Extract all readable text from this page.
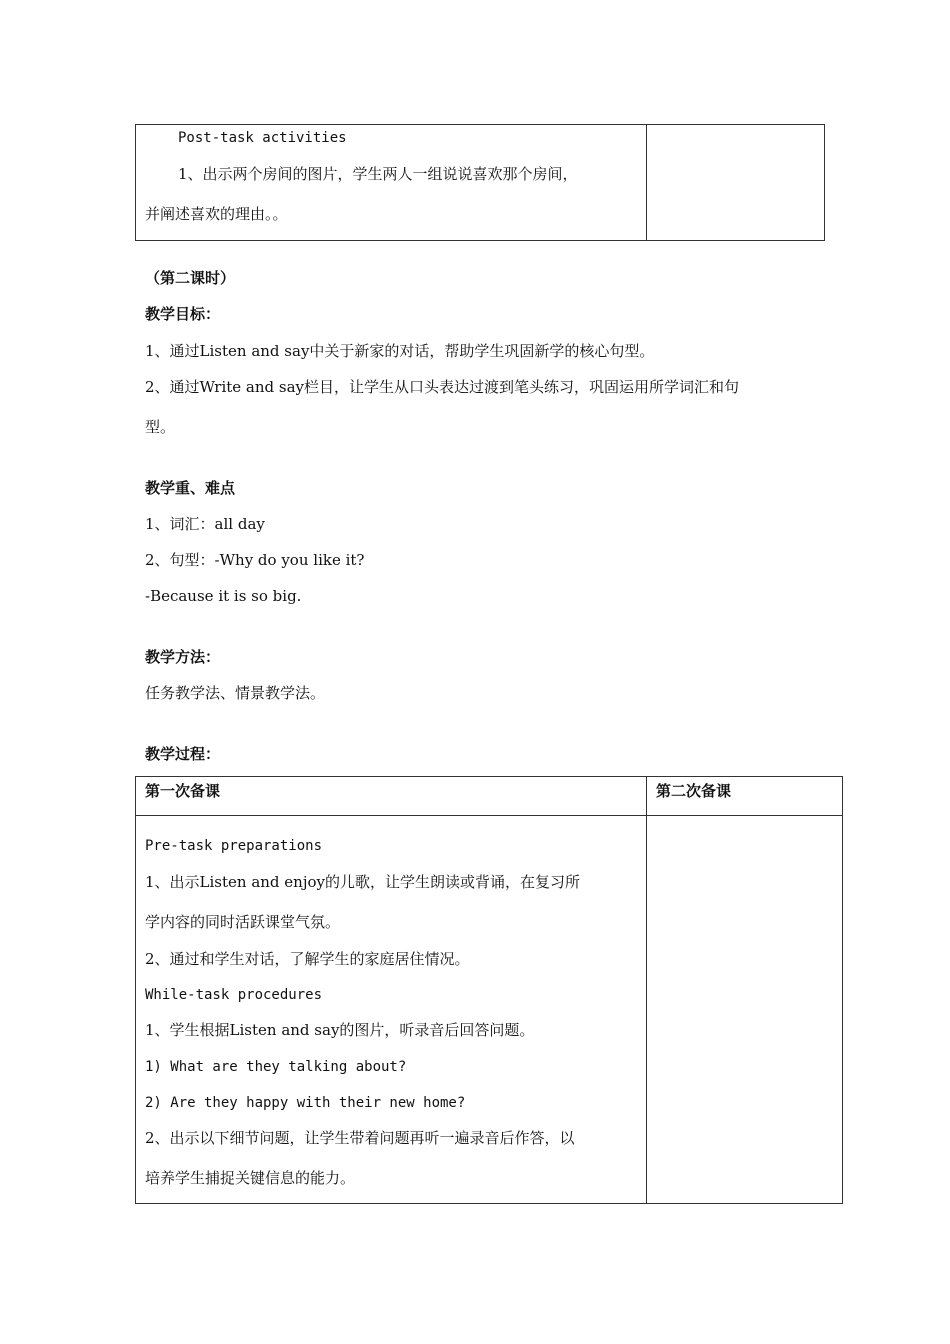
Post-task activities
1、出示两个房间的图片，学生两人一组说说喜欢那个房间，
并阐述喜欢的理由。。
（第二课时）
教学目标：
1、通过Listen and say中关于新家的对话，帮助学生巩固新学的核心句型。
2、通过Write and say栏目，让学生从口头表达过渡到笔头练习，巩固运用所学词汇和句
型。
教学重、难点
1、词汇：all day
2、句型：-Why do you like it?
-Because it is so big.
教学方法：
任务教学法、情景教学法。
教学过程：
第一次备课	第二次备课
Pre-task preparations
1、出示Listen and enjoy的儿歌，让学生朗读或背诵，在复习所
学内容的同时活跃课堂气氛。
2、通过和学生对话，了解学生的家庭居住情况。
While-task procedures
1、学生根据Listen and say的图片，听录音后回答问题。
1) What are they talking about?
2) Are they happy with their new home?
2、出示以下细节问题，让学生带着问题再听一遍录音后作答，以
培养学生捕捉关键信息的能力。
